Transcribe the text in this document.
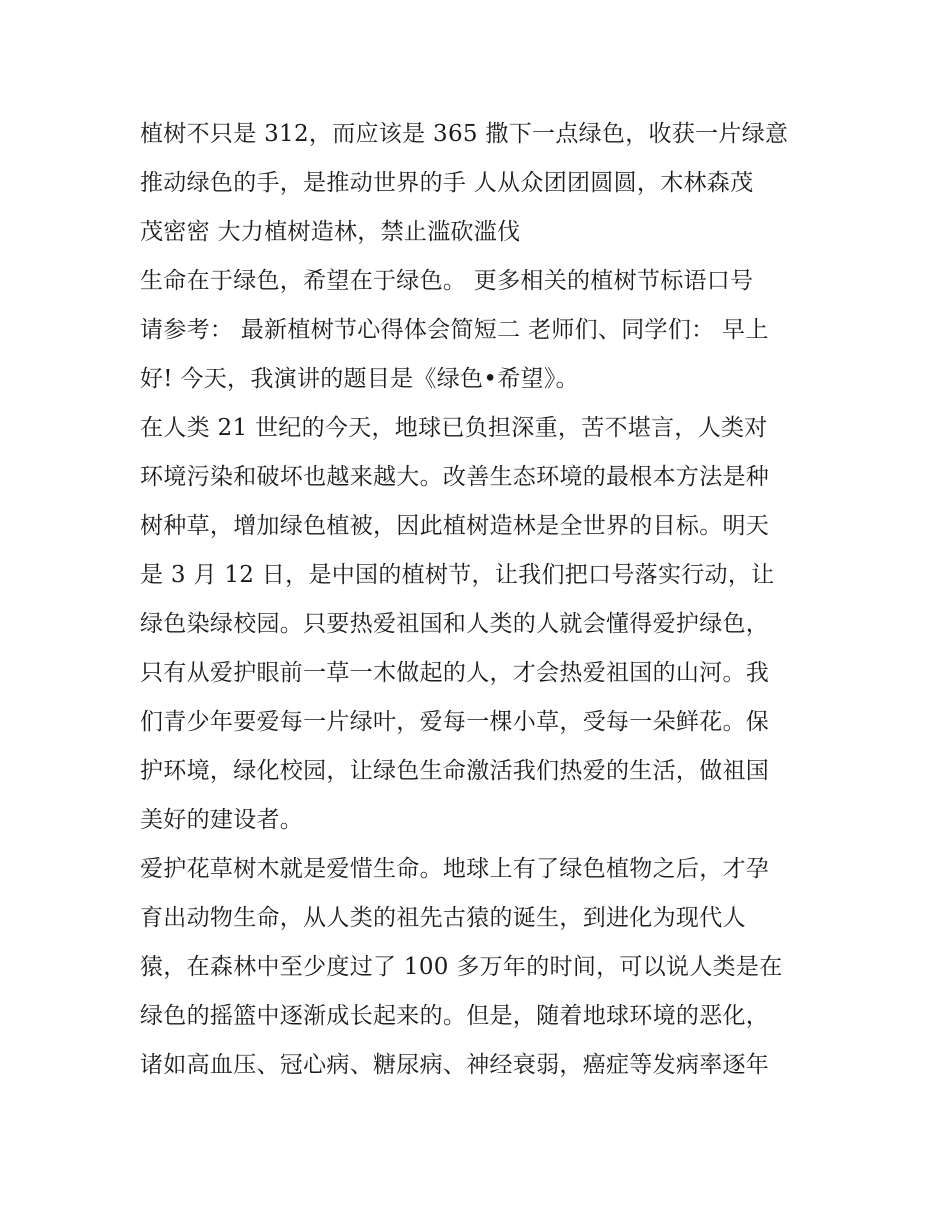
植树不只是 312，而应该是 365 撒下一点绿色，收获一片绿意
推动绿色的手，是推动世界的手 人从众团团圆圆，木林森茂
茂密密 大力植树造林，禁止滥砍滥伐
生命在于绿色，希望在于绿色。 更多相关的植树节标语口号
请参考： 最新植树节心得体会简短二 老师们、同学们： 早上
好! 今天，我演讲的题目是《绿色•希望》。
在人类 21 世纪的今天，地球已负担深重，苦不堪言，人类对
环境污染和破坏也越来越大。改善生态环境的最根本方法是种
树种草，增加绿色植被，因此植树造林是全世界的目标。明天
是 3 月 12 日，是中国的植树节，让我们把口号落实行动，让
绿色染绿校园。只要热爱祖国和人类的人就会懂得爱护绿色，
只有从爱护眼前一草一木做起的人，才会热爱祖国的山河。我
们青少年要爱每一片绿叶，爱每一棵小草，受每一朵鲜花。保
护环境，绿化校园，让绿色生命激活我们热爱的生活，做祖国
美好的建设者。
爱护花草树木就是爱惜生命。地球上有了绿色植物之后，才孕
育出动物生命，从人类的祖先古猿的诞生，到进化为现代人
猿，在森林中至少度过了 100 多万年的时间，可以说人类是在
绿色的摇篮中逐渐成长起来的。但是，随着地球环境的恶化，
诸如高血压、冠心病、糖尿病、神经衰弱，癌症等发病率逐年
